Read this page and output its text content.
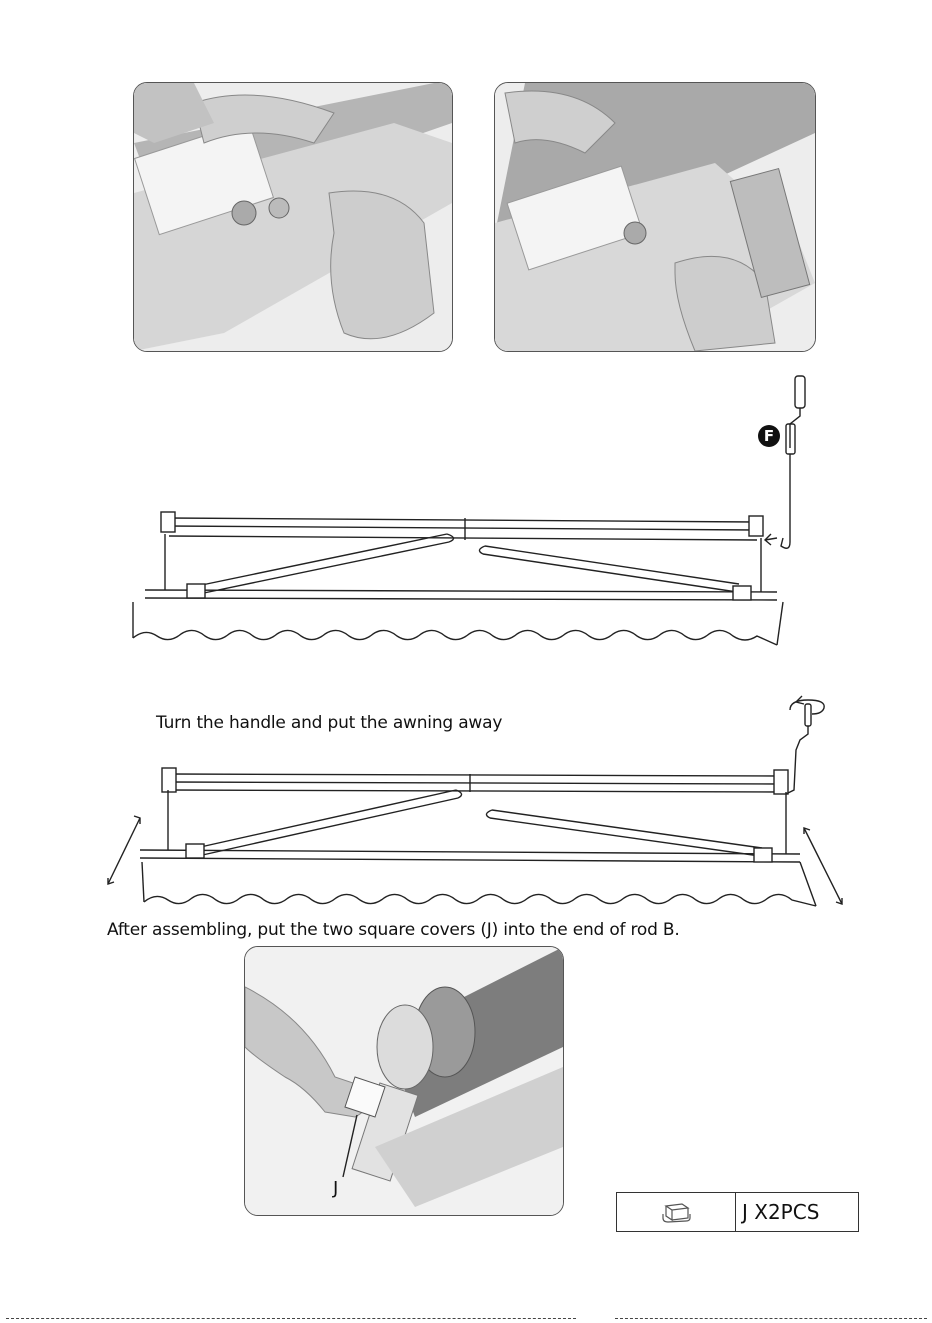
F
Turn the handle and put the awning away
After assembling, put the two square covers (J) into the end of rod B.
J
J X2PCS
